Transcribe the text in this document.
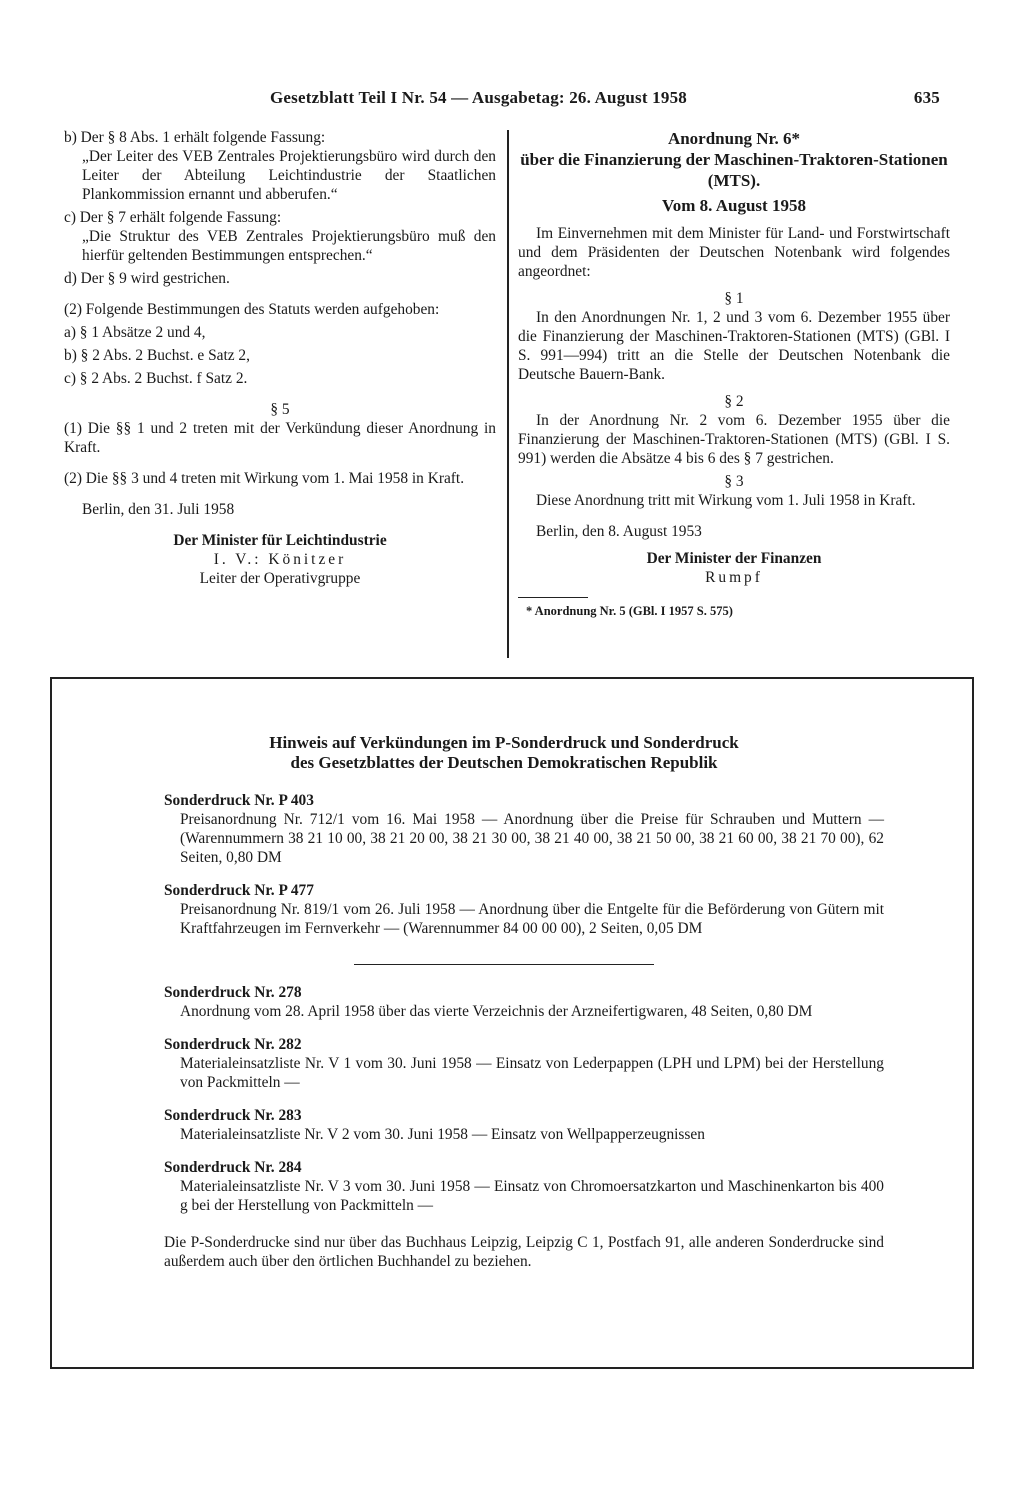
Gesetzblatt Teil I Nr. 54 — Ausgabetag: 26. August 1958	635

b) Der § 8 Abs. 1 erhält folgende Fassung:

„Der Leiter des VEB Zentrales Projektierungsbüro wird durch den Leiter der Abteilung Leichtindustrie der Staatlichen Plankommission ernannt und abberufen.“

c) Der § 7 erhält folgende Fassung:

„Die Struktur des VEB Zentrales Projektierungsbüro muß den hierfür geltenden Bestimmungen entsprechen.“

d) Der § 9 wird gestrichen.

(2) Folgende Bestimmungen des Statuts werden aufgehoben:

a) § 1 Absätze 2 und 4,

b) § 2 Abs. 2 Buchst. e Satz 2,

c) § 2 Abs. 2 Buchst. f Satz 2.

§ 5

(1) Die §§ 1 und 2 treten mit der Verkündung dieser Anordnung in Kraft.

(2) Die §§ 3 und 4 treten mit Wirkung vom 1. Mai 1958 in Kraft.

Berlin, den 31. Juli 1958

Der Minister für Leichtindustrie

I. V.: Könitzer

Leiter der Operativgruppe

Anordnung Nr. 6*

über die Finanzierung der Maschinen-Traktoren-Stationen (MTS).

Vom 8. August 1958

Im Einvernehmen mit dem Minister für Land- und Forstwirtschaft und dem Präsidenten der Deutschen Notenbank wird folgendes angeordnet:

§ 1

In den Anordnungen Nr. 1, 2 und 3 vom 6. Dezember 1955 über die Finanzierung der Maschinen-Traktoren-Stationen (MTS) (GBl. I S. 991—994) tritt an die Stelle der Deutschen Notenbank die Deutsche Bauern-Bank.

§ 2

In der Anordnung Nr. 2 vom 6. Dezember 1955 über die Finanzierung der Maschinen-Traktoren-Stationen (MTS) (GBl. I S. 991) werden die Absätze 4 bis 6 des § 7 gestrichen.

§ 3

Diese Anordnung tritt mit Wirkung vom 1. Juli 1958 in Kraft.

Berlin, den 8. August 1953

Der Minister der Finanzen

Rumpf

* Anordnung Nr. 5 (GBl. I 1957 S. 575)

Hinweis auf Verkündungen im P-Sonderdruck und Sonderdruck

des Gesetzblattes der Deutschen Demokratischen Republik

Sonderdruck Nr. P 403

Preisanordnung Nr. 712/1 vom 16. Mai 1958 — Anordnung über die Preise für Schrauben und Muttern — (Warennummern 38 21 10 00, 38 21 20 00, 38 21 30 00, 38 21 40 00, 38 21 50 00, 38 21 60 00, 38 21 70 00), 62 Seiten, 0,80 DM

Sonderdruck Nr. P 477

Preisanordnung Nr. 819/1 vom 26. Juli 1958 — Anordnung über die Entgelte für die Beförderung von Gütern mit Kraftfahrzeugen im Fernverkehr — (Warennummer 84 00 00 00), 2 Seiten, 0,05 DM

Sonderdruck Nr. 278

Anordnung vom 28. April 1958 über das vierte Verzeichnis der Arzneifertigwaren, 48 Seiten, 0,80 DM

Sonderdruck Nr. 282

Materialeinsatzliste Nr. V 1 vom 30. Juni 1958 — Einsatz von Lederpappen (LPH und LPM) bei der Herstellung von Packmitteln —

Sonderdruck Nr. 283

Materialeinsatzliste Nr. V 2 vom 30. Juni 1958 — Einsatz von Wellpapperzeugnissen

Sonderdruck Nr. 284

Materialeinsatzliste Nr. V 3 vom 30. Juni 1958 — Einsatz von Chromoersatzkarton und Maschinenkarton bis 400 g bei der Herstellung von Packmitteln —

Die P-Sonderdrucke sind nur über das Buchhaus Leipzig, Leipzig C 1, Postfach 91, alle anderen Sonderdrucke sind außerdem auch über den örtlichen Buchhandel zu beziehen.
